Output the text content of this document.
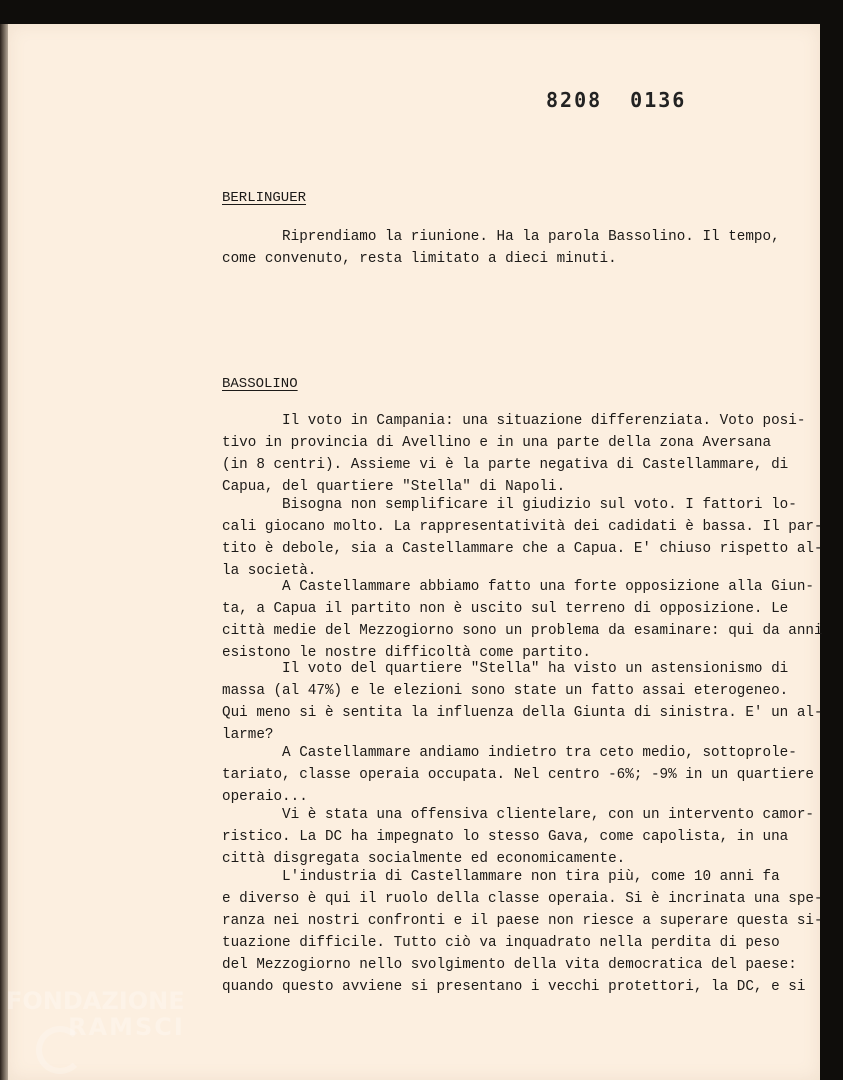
8208 0136
BERLINGUER
Riprendiamo la riunione. Ha la parola Bassolino. Il tempo,
come convenuto, resta limitato a dieci minuti.
BASSOLINO
Il voto in Campania: una situazione differenziata. Voto
tivo in provincia di Avellino e in una parte della zona Aversana
(in 8 centri). Assieme vi è la parte negativa di Castellammare, di
Capua, del quartiere "Stella" di Napoli.
Bisogna non semplificare il giudizio sul voto. I fattori
cali giocano molto. La rappresentatività dei cadidati è bassa. Il
tito è debole, sia a Castellammare che a Capua. E' chiuso rispetto
la società.
A Castellammare abbiamo fatto una forte opposizione alla
ta, a Capua il partito non è uscito sul terreno di opposizione. Le
città medie del Mezzogiorno sono un problema da esaminare: qui da
esistono le nostre difficoltà come partito.
Il voto del quartiere "Stella" ha visto un astensionismo di
massa (al 47%) e le elezioni sono state un fatto assai eterogeneo.
Qui meno si è sentita la influenza della Giunta di sinistra. E' un
larme?
A Castellammare andiamo indietro tra ceto medio, sottoprole-
tariato, classe operaia occupata. Nel centro -6%; -9% in un quartiere
operaio...
Vi è stata una offensiva clientelare, con un intervento
ristico. La DC ha impegnato lo stesso Gava, come capolista, in una
città disgregata socialmente ed economicamente.
L'industria di Castellammare non tira più, come 10 anni fa
e diverso è qui il ruolo della classe operaia. Si è incrinata una
ranza nei nostri confronti e il paese non riesce a superare questa
tuazione difficile. Tutto ciò va inquadrato nella perdita di peso
del Mezzogiorno nello svolgimento della vita democratica del paese:
quando questo avviene si presentano i vecchi protettori, la DC, e
FONDAZIONE
RAMSCI
